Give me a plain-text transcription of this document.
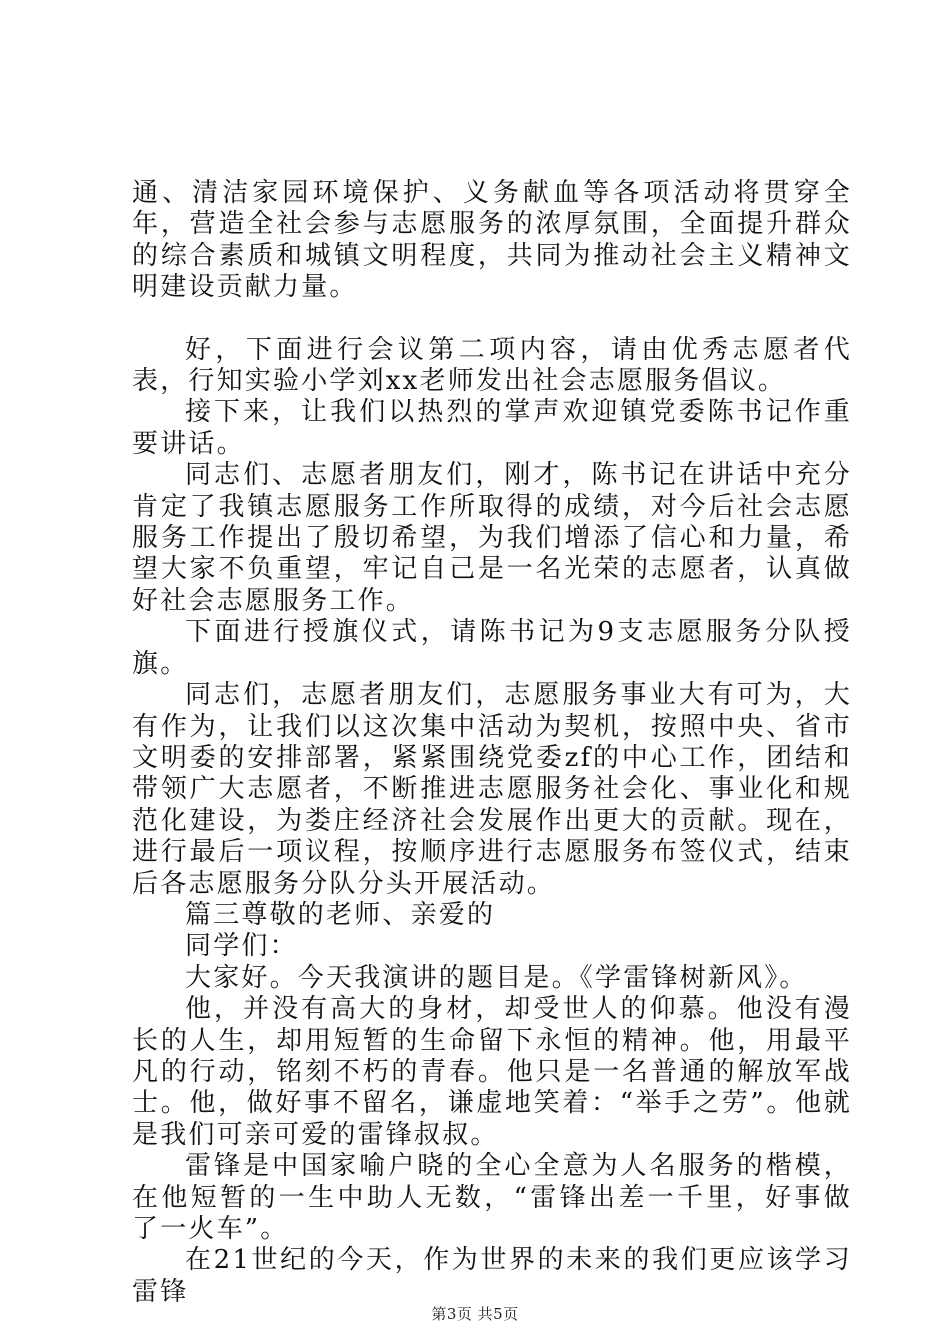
通、清洁家园环境保护、义务献血等各项活动将贯穿全年，营造全社会参与志愿服务的浓厚氛围，全面提升群众的综合素质和城镇文明程度，共同为推动社会主义精神文明建设贡献力量。

好，下面进行会议第二项内容，请由优秀志愿者代表，行知实验小学刘xx老师发出社会志愿服务倡议。

接下来，让我们以热烈的掌声欢迎镇党委陈书记作重要讲话。

同志们、志愿者朋友们，刚才，陈书记在讲话中充分肯定了我镇志愿服务工作所取得的成绩，对今后社会志愿服务工作提出了殷切希望，为我们增添了信心和力量，希望大家不负重望，牢记自己是一名光荣的志愿者，认真做好社会志愿服务工作。

下面进行授旗仪式，请陈书记为9支志愿服务分队授旗。

同志们，志愿者朋友们，志愿服务事业大有可为，大有作为，让我们以这次集中活动为契机，按照中央、省市文明委的安排部署，紧紧围绕党委zf的中心工作，团结和带领广大志愿者，不断推进志愿服务社会化、事业化和规范化建设，为娄庄经济社会发展作出更大的贡献。现在，进行最后一项议程，按顺序进行志愿服务布签仪式，结束后各志愿服务分队分头开展活动。

篇三尊敬的老师、亲爱的

同学们：

大家好。今天我演讲的题目是。《学雷锋树新风》。

他，并没有高大的身材，却受世人的仰慕。他没有漫长的人生，却用短暂的生命留下永恒的精神。他，用最平凡的行动，铭刻不朽的青春。他只是一名普通的解放军战士。他，做好事不留名，谦虚地笑着：“举手之劳”。他就是我们可亲可爱的雷锋叔叔。

雷锋是中国家喻户晓的全心全意为人名服务的楷模，在他短暂的一生中助人无数，“雷锋出差一千里，好事做了一火车”。

在21世纪的今天，作为世界的未来的我们更应该学习雷锋

第3页 共5页
